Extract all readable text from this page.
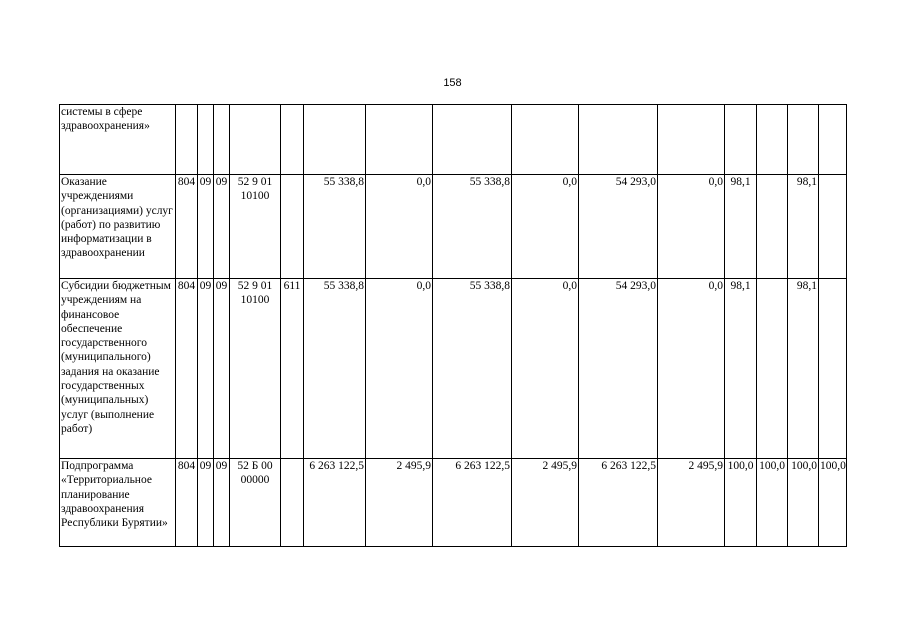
158
системы в сфере здравоохранения»															
Оказание учреждениями (организациями) услуг (работ) по развитию информатизации в здравоохранении	804	09	09	52 9 01 10100		55 338,8	0,0	55 338,8	0,0	54 293,0	0,0	98,1		98,1	
Субсидии бюджетным учреждениям на финансовое обеспечение государственного (муниципального) задания на оказание государственных (муниципальных) услуг (выполнение работ)	804	09	09	52 9 01 10100	611	55 338,8	0,0	55 338,8	0,0	54 293,0	0,0	98,1		98,1	
Подпрограмма «Территориальное планирование здравоохранения Республики Бурятии»	804	09	09	52 Б 00 00000		6 263 122,5	2 495,9	6 263 122,5	2 495,9	6 263 122,5	2 495,9	100,0	100,0	100,0	100,0
